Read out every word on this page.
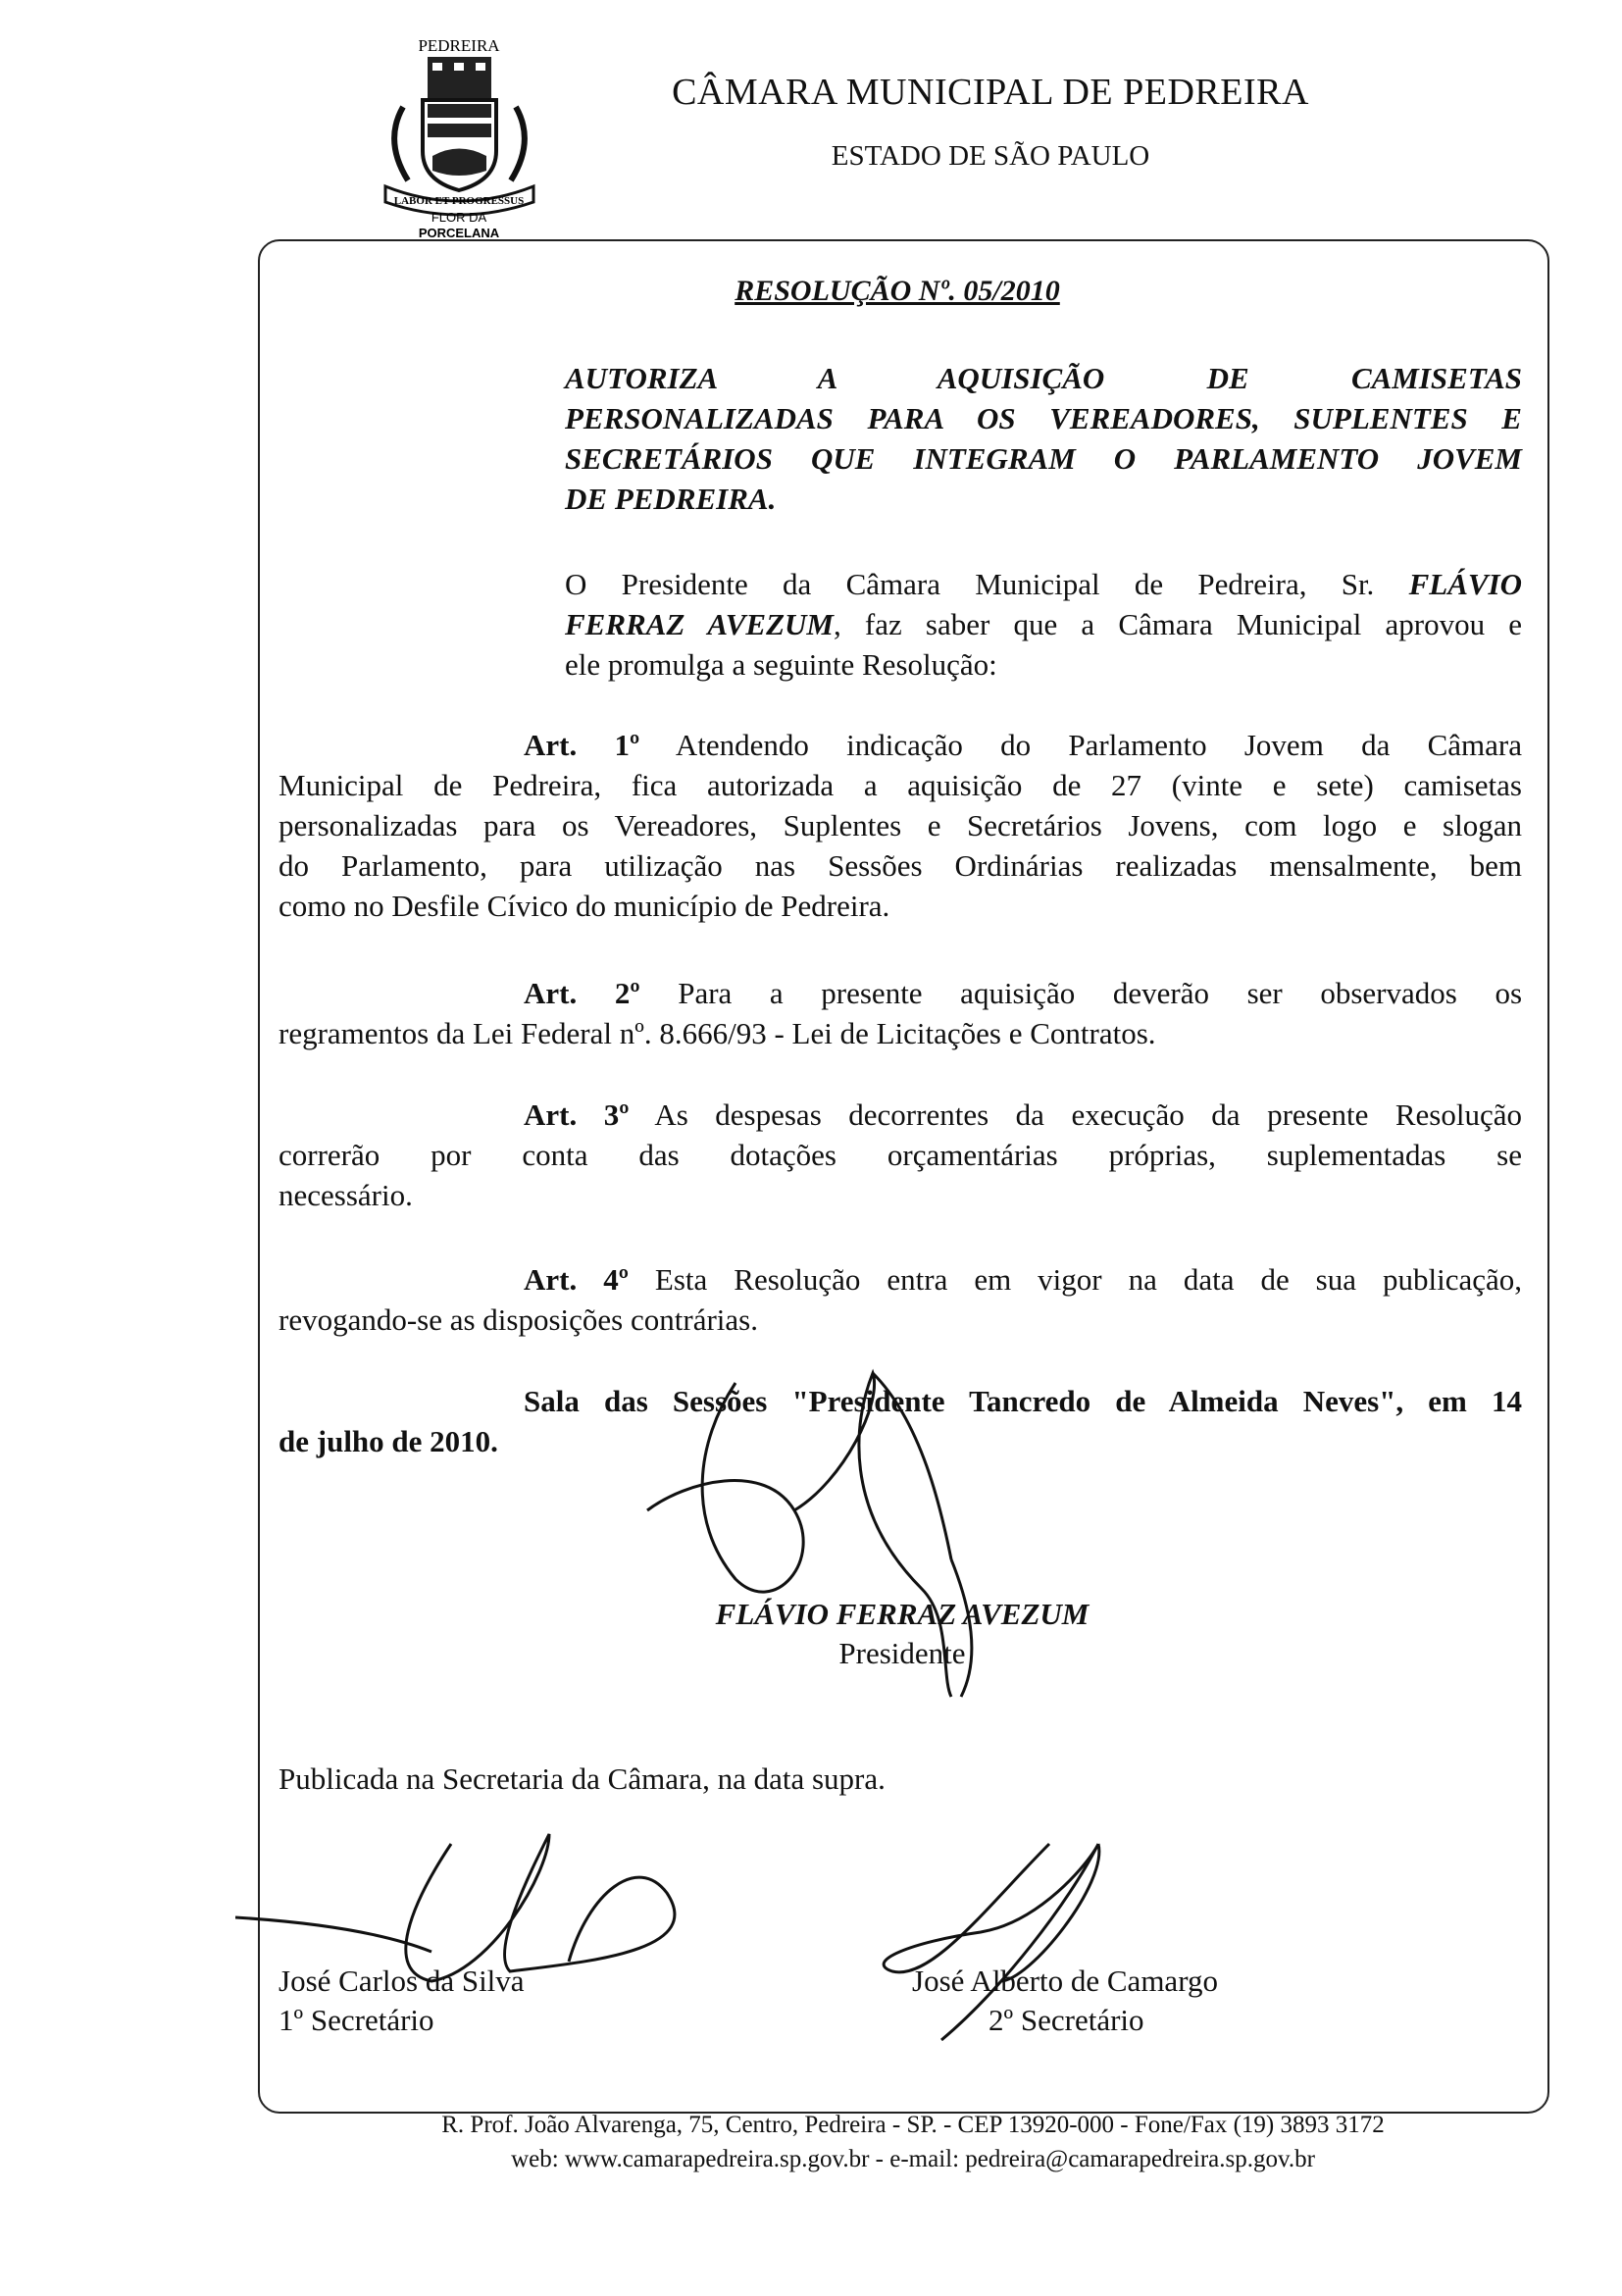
PEDREIRA
LABOR ET PROGRESSUS
FLOR DA
PORCELANA
CÂMARA MUNICIPAL DE PEDREIRA
ESTADO DE SÃO PAULO
RESOLUÇÃO Nº. 05/2010
AUTORIZA A AQUISIÇÃO DE CAMISETAS
PERSONALIZADAS PARA OS VEREADORES, SUPLENTES E
SECRETÁRIOS QUE INTEGRAM O PARLAMENTO JOVEM
DE PEDREIRA.
O Presidente da Câmara Municipal de Pedreira, Sr. FLÁVIO
FERRAZ AVEZUM, faz saber que a Câmara Municipal aprovou e
ele promulga a seguinte Resolução:
Art. 1º Atendendo indicação do Parlamento Jovem da Câmara
Municipal de Pedreira, fica autorizada a aquisição de 27 (vinte e sete) camisetas
personalizadas para os Vereadores, Suplentes e Secretários Jovens, com logo e slogan
do Parlamento, para utilização nas Sessões Ordinárias realizadas mensalmente, bem
como no Desfile Cívico do município de Pedreira.
Art. 2º Para a presente aquisição deverão ser observados os
regramentos da Lei Federal nº. 8.666/93 - Lei de Licitações e Contratos.
Art. 3º As despesas decorrentes da execução da presente Resolução
correrão por conta das dotações orçamentárias próprias, suplementadas se
necessário.
Art. 4º Esta Resolução entra em vigor na data de sua publicação,
revogando-se as disposições contrárias.
Sala das Sessões "Presidente Tancredo de Almeida Neves", em 14
de julho de 2010.
FLÁVIO FERRAZ AVEZUM
Presidente
Publicada na Secretaria da Câmara, na data supra.
José Carlos da Silva
1º Secretário
José Alberto de Camargo
2º Secretário
R. Prof. João Alvarenga, 75, Centro, Pedreira - SP. - CEP 13920-000 - Fone/Fax (19) 3893 3172
web: www.camarapedreira.sp.gov.br - e-mail: pedreira@camarapedreira.sp.gov.br
